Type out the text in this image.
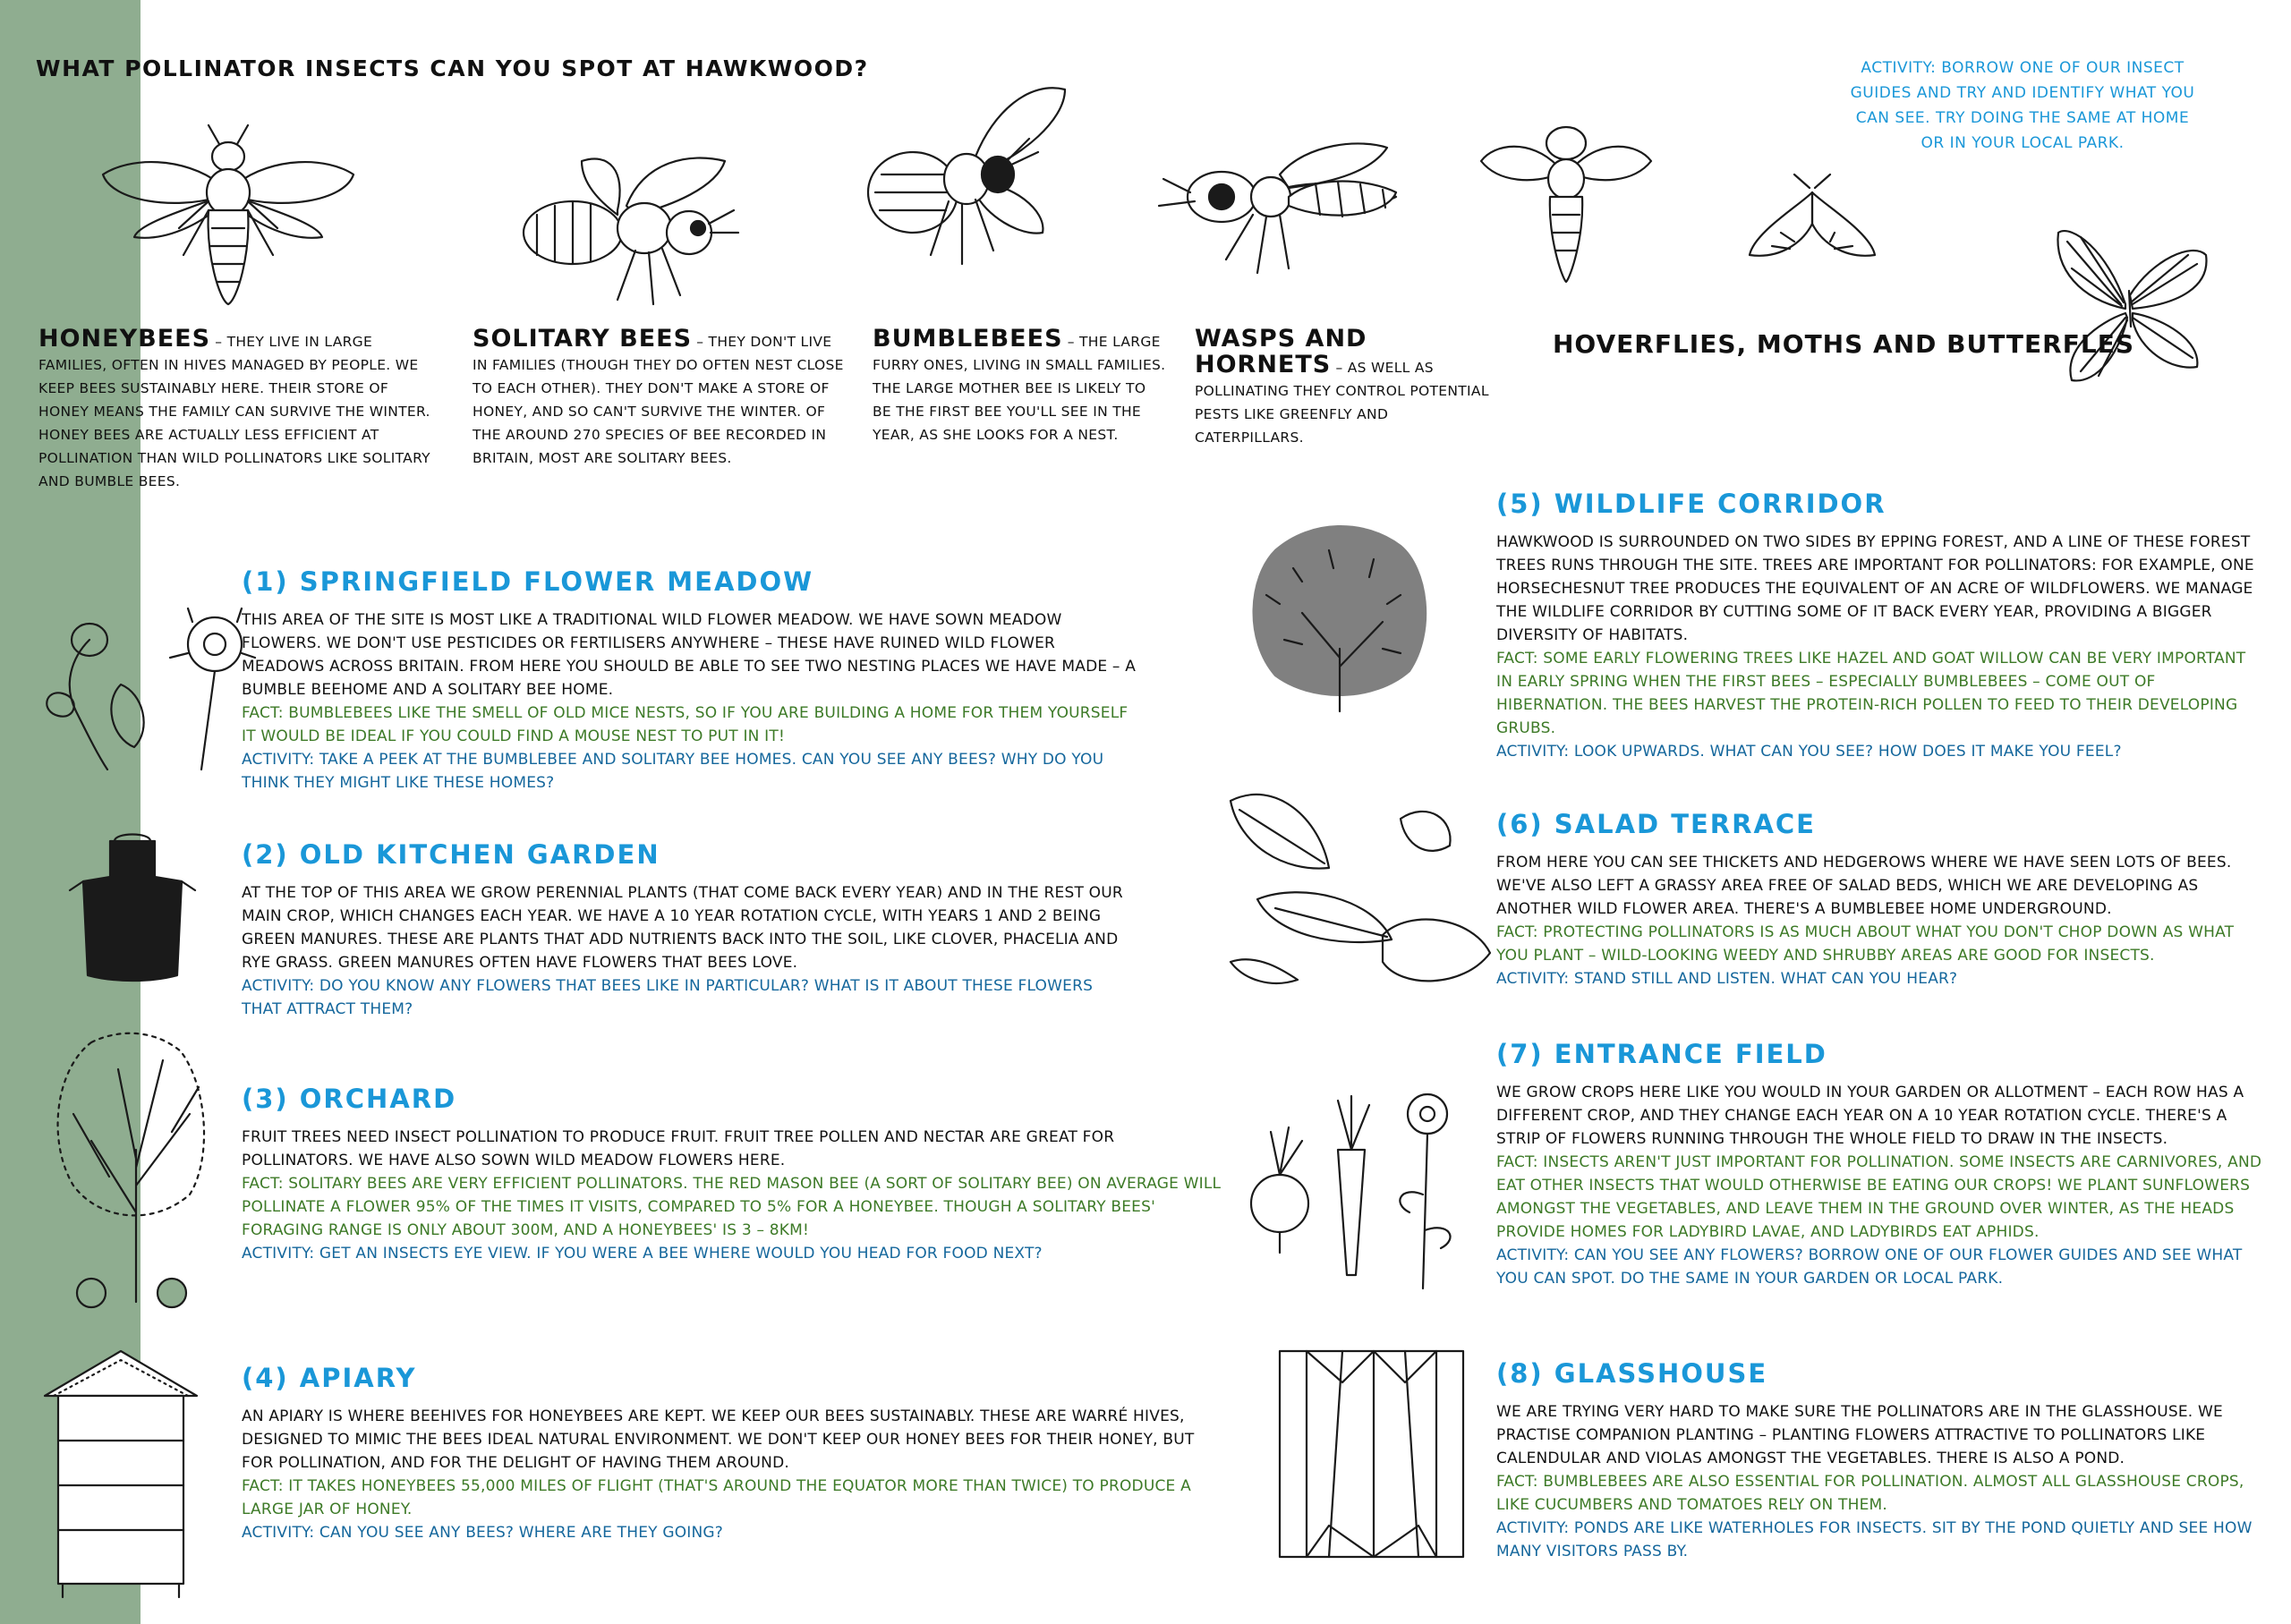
WHAT POLLINATOR INSECTS CAN YOU SPOT AT HAWKWOOD?	ACTIVITY: BORROW ONE OF OUR INSECT GUIDES AND TRY AND IDENTIFY WHAT YOU CAN SEE. TRY DOING THE SAME AT HOME OR IN YOUR LOCAL PARK.
HONEYBEES – THEY LIVE IN LARGE FAMILIES, OFTEN IN HIVES MANAGED BY PEOPLE. WE KEEP BEES SUSTAINABLY HERE. THEIR STORE OF HONEY MEANS THE FAMILY CAN SURVIVE THE WINTER. HONEY BEES ARE ACTUALLY LESS EFFICIENT AT POLLINATION THAN WILD POLLINATORS LIKE SOLITARY AND BUMBLE BEES.
SOLITARY BEES – THEY DON'T LIVE IN FAMILIES (THOUGH THEY DO OFTEN NEST CLOSE TO EACH OTHER). THEY DON'T MAKE A STORE OF HONEY, AND SO CAN'T SURVIVE THE WINTER. OF THE AROUND 270 SPECIES OF BEE RECORDED IN BRITAIN, MOST ARE SOLITARY BEES.
BUMBLEBEES – THE LARGE FURRY ONES, LIVING IN SMALL FAMILIES. THE LARGE MOTHER BEE IS LIKELY TO BE THE FIRST BEE YOU'LL SEE IN THE YEAR, AS SHE LOOKS FOR A NEST.
WASPS AND HORNETS – AS WELL AS POLLINATING THEY CONTROL POTENTIAL PESTS LIKE GREENFLY AND CATERPILLARS.
HOVERFLIES, MOTHS AND BUTTERFLES
(1) SPRINGFIELD FLOWER MEADOW

THIS AREA OF THE SITE IS MOST LIKE A TRADITIONAL WILD FLOWER MEADOW. WE HAVE SOWN MEADOW FLOWERS. WE DON'T USE PESTICIDES OR FERTILISERS ANYWHERE – THESE HAVE RUINED WILD FLOWER MEADOWS ACROSS BRITAIN. FROM HERE YOU SHOULD BE ABLE TO SEE TWO NESTING PLACES WE HAVE MADE – A BUMBLE BEEHOME AND A SOLITARY BEE HOME.

FACT: BUMBLEBEES LIKE THE SMELL OF OLD MICE NESTS, SO IF YOU ARE BUILDING A HOME FOR THEM YOURSELF IT WOULD BE IDEAL IF YOU COULD FIND A MOUSE NEST TO PUT IN IT!

ACTIVITY: TAKE A PEEK AT THE BUMBLEBEE AND SOLITARY BEE HOMES. CAN YOU SEE ANY BEES? WHY DO YOU THINK THEY MIGHT LIKE THESE HOMES?

(2) OLD KITCHEN GARDEN

AT THE TOP OF THIS AREA WE GROW PERENNIAL PLANTS (THAT COME BACK EVERY YEAR) AND IN THE REST OUR MAIN CROP, WHICH CHANGES EACH YEAR. WE HAVE A 10 YEAR ROTATION CYCLE, WITH YEARS 1 AND 2 BEING GREEN MANURES. THESE ARE PLANTS THAT ADD NUTRIENTS BACK INTO THE SOIL, LIKE CLOVER, PHACELIA AND RYE GRASS. GREEN MANURES OFTEN HAVE FLOWERS THAT BEES LOVE.

ACTIVITY: DO YOU KNOW ANY FLOWERS THAT BEES LIKE IN PARTICULAR? WHAT IS IT ABOUT THESE FLOWERS THAT ATTRACT THEM?

(3) ORCHARD

FRUIT TREES NEED INSECT POLLINATION TO PRODUCE FRUIT. FRUIT TREE POLLEN AND NECTAR ARE GREAT FOR POLLINATORS. WE HAVE ALSO SOWN WILD MEADOW FLOWERS HERE.

FACT: SOLITARY BEES ARE VERY EFFICIENT POLLINATORS. THE RED MASON BEE (A SORT OF SOLITARY BEE) ON AVERAGE WILL POLLINATE A FLOWER 95% OF THE TIMES IT VISITS, COMPARED TO 5% FOR A HONEYBEE. THOUGH A SOLITARY BEES' FORAGING RANGE IS ONLY ABOUT 300M, AND A HONEYBEES' IS 3 – 8KM!

ACTIVITY: GET AN INSECTS EYE VIEW. IF YOU WERE A BEE WHERE WOULD YOU HEAD FOR FOOD NEXT?

(4) APIARY

AN APIARY IS WHERE BEEHIVES FOR HONEYBEES ARE KEPT. WE KEEP OUR BEES SUSTAINABLY. THESE ARE WARRÉ HIVES, DESIGNED TO MIMIC THE BEES IDEAL NATURAL ENVIRONMENT. WE DON'T KEEP OUR HONEY BEES FOR THEIR HONEY, BUT FOR POLLINATION, AND FOR THE DELIGHT OF HAVING THEM AROUND.

FACT: IT TAKES HONEYBEES 55,000 MILES OF FLIGHT (THAT'S AROUND THE EQUATOR MORE THAN TWICE) TO PRODUCE A LARGE JAR OF HONEY.

ACTIVITY: CAN YOU SEE ANY BEES? WHERE ARE THEY GOING?

(5) WILDLIFE CORRIDOR

HAWKWOOD IS SURROUNDED ON TWO SIDES BY EPPING FOREST, AND A LINE OF THESE FOREST TREES RUNS THROUGH THE SITE. TREES ARE IMPORTANT FOR POLLINATORS: FOR EXAMPLE, ONE HORSECHESNUT TREE PRODUCES THE EQUIVALENT OF AN ACRE OF WILDFLOWERS. WE MANAGE THE WILDLIFE CORRIDOR BY CUTTING SOME OF IT BACK EVERY YEAR, PROVIDING A BIGGER DIVERSITY OF HABITATS.

FACT: SOME EARLY FLOWERING TREES LIKE HAZEL AND GOAT WILLOW CAN BE VERY IMPORTANT IN EARLY SPRING WHEN THE FIRST BEES – ESPECIALLY BUMBLEBEES – COME OUT OF HIBERNATION. THE BEES HARVEST THE PROTEIN-RICH POLLEN TO FEED TO THEIR DEVELOPING GRUBS.

ACTIVITY: LOOK UPWARDS. WHAT CAN YOU SEE? HOW DOES IT MAKE YOU FEEL?

(6) SALAD TERRACE

FROM HERE YOU CAN SEE THICKETS AND HEDGEROWS WHERE WE HAVE SEEN LOTS OF BEES. WE'VE ALSO LEFT A GRASSY AREA FREE OF SALAD BEDS, WHICH WE ARE DEVELOPING AS ANOTHER WILD FLOWER AREA. THERE'S A BUMBLEBEE HOME UNDERGROUND.

FACT: PROTECTING POLLINATORS IS AS MUCH ABOUT WHAT YOU DON'T CHOP DOWN AS WHAT YOU PLANT – WILD-LOOKING WEEDY AND SHRUBBY AREAS ARE GOOD FOR INSECTS.

ACTIVITY: STAND STILL AND LISTEN. WHAT CAN YOU HEAR?

(7) ENTRANCE FIELD

WE GROW CROPS HERE LIKE YOU WOULD IN YOUR GARDEN OR ALLOTMENT – EACH ROW HAS A DIFFERENT CROP, AND THEY CHANGE EACH YEAR ON A 10 YEAR ROTATION CYCLE. THERE'S A STRIP OF FLOWERS RUNNING THROUGH THE WHOLE FIELD TO DRAW IN THE INSECTS.

FACT: INSECTS AREN'T JUST IMPORTANT FOR POLLINATION. SOME INSECTS ARE CARNIVORES, AND EAT OTHER INSECTS THAT WOULD OTHERWISE BE EATING OUR CROPS! WE PLANT SUNFLOWERS AMONGST THE VEGETABLES, AND LEAVE THEM IN THE GROUND OVER WINTER, AS THE HEADS PROVIDE HOMES FOR LADYBIRD LAVAE, AND LADYBIRDS EAT APHIDS.

ACTIVITY: CAN YOU SEE ANY FLOWERS? BORROW ONE OF OUR FLOWER GUIDES AND SEE WHAT YOU CAN SPOT. DO THE SAME IN YOUR GARDEN OR LOCAL PARK.

(8) GLASSHOUSE

WE ARE TRYING VERY HARD TO MAKE SURE THE POLLINATORS ARE IN THE GLASSHOUSE. WE PRACTISE COMPANION PLANTING – PLANTING FLOWERS ATTRACTIVE TO POLLINATORS LIKE CALENDULAR AND VIOLAS AMONGST THE VEGETABLES. THERE IS ALSO A POND.

FACT: BUMBLEBEES ARE ALSO ESSENTIAL FOR POLLINATION. ALMOST ALL GLASSHOUSE CROPS, LIKE CUCUMBERS AND TOMATOES RELY ON THEM.

ACTIVITY: PONDS ARE LIKE WATERHOLES FOR INSECTS. SIT BY THE POND QUIETLY AND SEE HOW MANY VISITORS PASS BY.
